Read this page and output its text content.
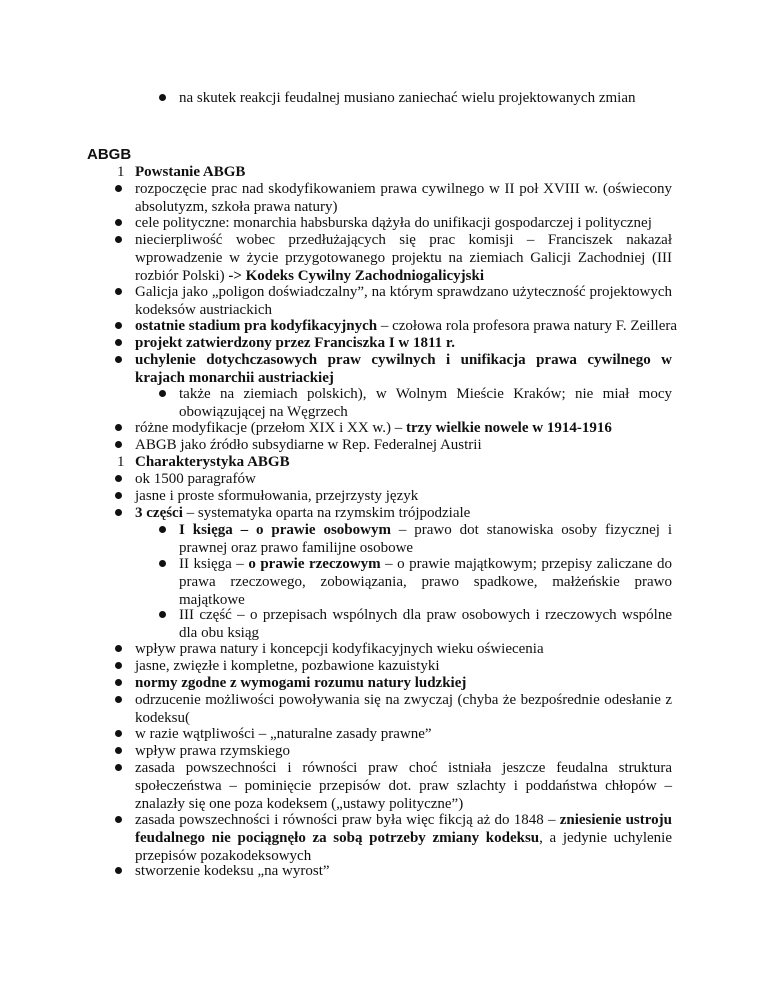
na skutek reakcji feudalnej musiano zaniechać wielu projektowanych zmian
ABGB
1 Powstanie ABGB
rozpoczęcie prac nad skodyfikowaniem prawa cywilnego w II poł XVIII w. (oświecony absolutyzm, szkoła prawa natury)
cele polityczne: monarchia habsburska dążyła do unifikacji gospodarczej i politycznej
niecierpliwość wobec przedłużających się prac komisji – Franciszek nakazał wprowadzenie w życie przygotowanego projektu na ziemiach Galicji Zachodniej (III rozbiór Polski) -> Kodeks Cywilny Zachodniogalicyjski
Galicja jako „poligon doświadczalny”, na którym sprawdzano użyteczność projektowych kodeksów austriackich
ostatnie stadium pra kodyfikacyjnych – czołowa rola profesora prawa natury F. Zeillera
projekt zatwierdzony przez Franciszka I w 1811 r.
uchylenie dotychczasowych praw cywilnych i unifikacja prawa cywilnego w krajach monarchii austriackiej
także na ziemiach polskich), w Wolnym Mieście Kraków; nie miał mocy obowiązującej na Węgrzech
różne modyfikacje (przełom XIX i XX w.) – trzy wielkie nowele w 1914-1916
ABGB jako źródło subsydiarne w Rep. Federalnej Austrii
1 Charakterystyka ABGB
ok 1500 paragrafów
jasne i proste sformułowania, przejrzysty język
3 części – systematyka oparta na rzymskim trójpodziale
I księga – o prawie osobowym – prawo dot stanowiska osoby fizycznej i prawnej oraz prawo familijne osobowe
II księga – o prawie rzeczowym – o prawie majątkowym; przepisy zaliczane do prawa rzeczowego, zobowiązania, prawo spadkowe, małżeńskie prawo majątkowe
III część – o przepisach wspólnych dla praw osobowych i rzeczowych wspólne dla obu ksiąg
wpływ prawa natury i koncepcji kodyfikacyjnych wieku oświecenia
jasne, zwięzłe i kompletne, pozbawione kazuistyki
normy zgodne z wymogami rozumu natury ludzkiej
odrzucenie możliwości powoływania się na zwyczaj (chyba że bezpośrednie odesłanie z kodeksu(
w razie wątpliwości – „naturalne zasady prawne”
wpływ prawa rzymskiego
zasada powszechności i równości praw choć istniała jeszcze feudalna struktura społeczeństwa – pominięcie przepisów dot. praw szlachty i poddaństwa chłopów – znalazły się one poza kodeksem („ustawy polityczne”)
zasada powszechności i równości praw była więc fikcją aż do 1848 – zniesienie ustroju feudalnego nie pociągnęło za sobą potrzeby zmiany kodeksu, a jedynie uchylenie przepisów pozakodeksowych
stworzenie kodeksu „na wyrost”
